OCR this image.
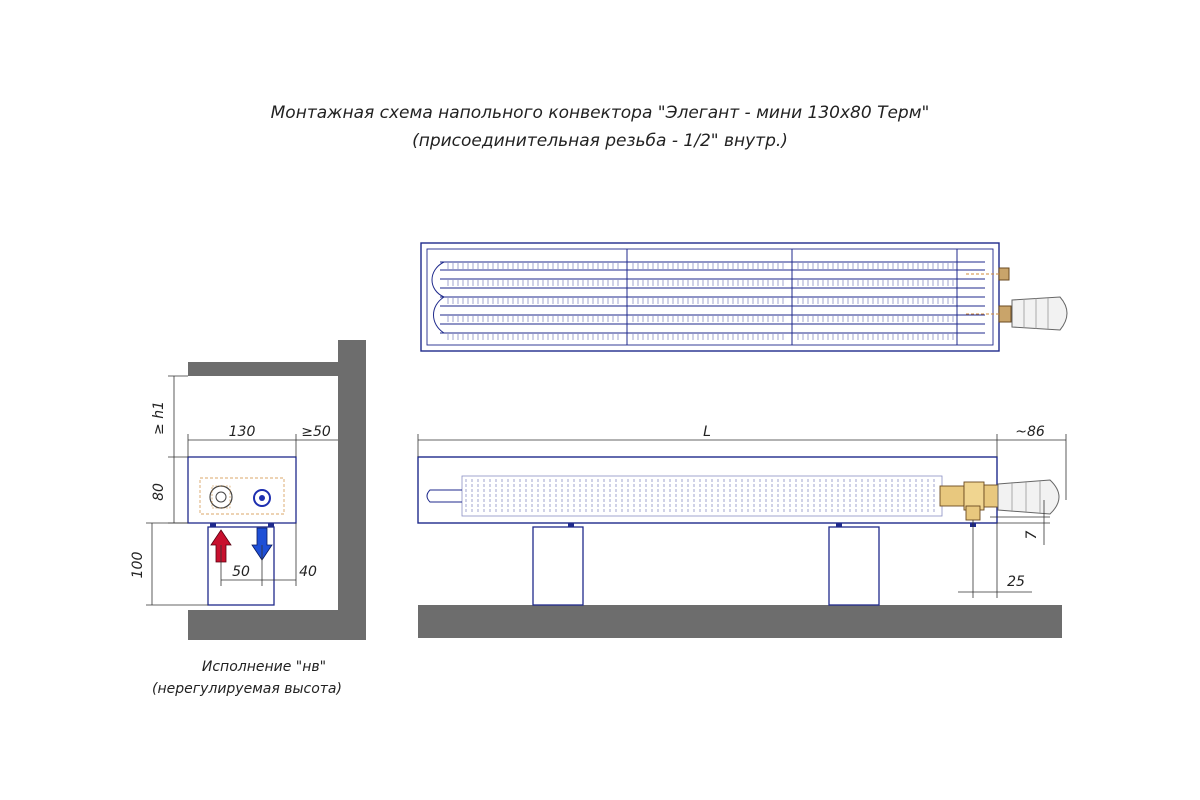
Монтажная схема напольного конвектора "Элегант - мини 130х80 Терм"
(присоединительная резьба - 1/2" внутр.)
≥ h1	130	≥50
80
100	50	40
Исполнение "нв"
(нерегулируемая высота)
L	~86
7
25
